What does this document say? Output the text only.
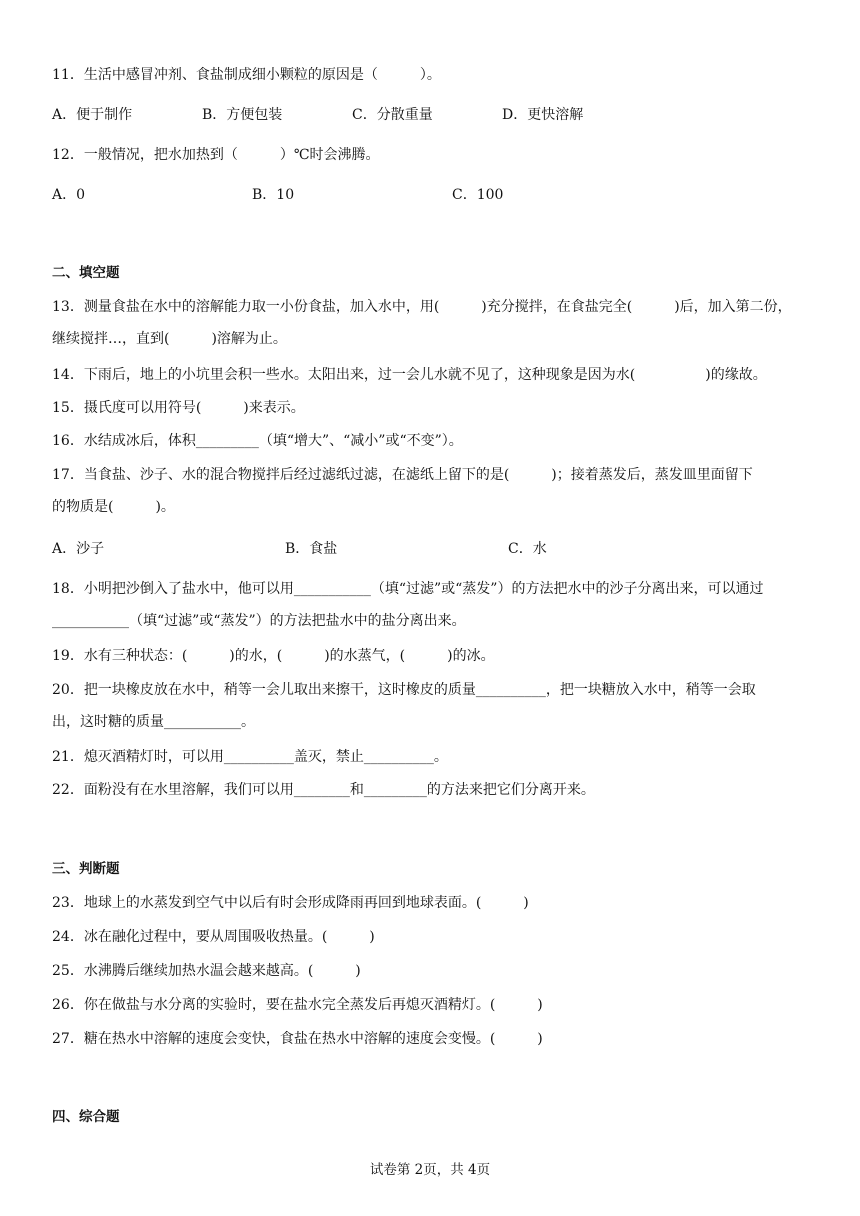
11．生活中感冒冲剂、食盐制成细小颗粒的原因是（　　　）。
A．便于制作	B．方便包装	C．分散重量	D．更快溶解
12．一般情况，把水加热到（　　　）℃时会沸腾。
A．0	B．10	C．100
二、填空题
13．测量食盐在水中的溶解能力取一小份食盐，加入水中，用(　　　)充分搅拌，在食盐完全(　　　)后，加入第二份，
继续搅拌…，直到(　　　)溶解为止。
14．下雨后，地上的小坑里会积一些水。太阳出来，过一会儿水就不见了，这种现象是因为水(　　　　　)的缘故。
15．摄氏度可以用符号(　　　)来表示。
16．水结成冰后，体积_________（填“增大”、“减小”或“不变”）。
17．当食盐、沙子、水的混合物搅拌后经过滤纸过滤，在滤纸上留下的是(　　　)；接着蒸发后，蒸发皿里面留下
的物质是(　　　)。
A．沙子	B．食盐	C．水
18．小明把沙倒入了盐水中，他可以用___________（填“过滤”或“蒸发”）的方法把水中的沙子分离出来，可以通过
___________（填“过滤”或“蒸发”）的方法把盐水中的盐分离出来。
19．水有三种状态：(　　　)的水，(　　　)的水蒸气，(　　　)的冰。
20．把一块橡皮放在水中，稍等一会儿取出来擦干，这时橡皮的质量__________，把一块糖放入水中，稍等一会取
出，这时糖的质量___________。
21．熄灭酒精灯时，可以用__________盖灭，禁止__________。
22．面粉没有在水里溶解，我们可以用________和_________的方法来把它们分离开来。
三、判断题
23．地球上的水蒸发到空气中以后有时会形成降雨再回到地球表面。(　　　)
24．冰在融化过程中，要从周围吸收热量。(　　　)
25．水沸腾后继续加热水温会越来越高。(　　　)
26．你在做盐与水分离的实验时，要在盐水完全蒸发后再熄灭酒精灯。(　　　)
27．糖在热水中溶解的速度会变快，食盐在热水中溶解的速度会变慢。(　　　)
四、综合题
试卷第 2页，共 4页
